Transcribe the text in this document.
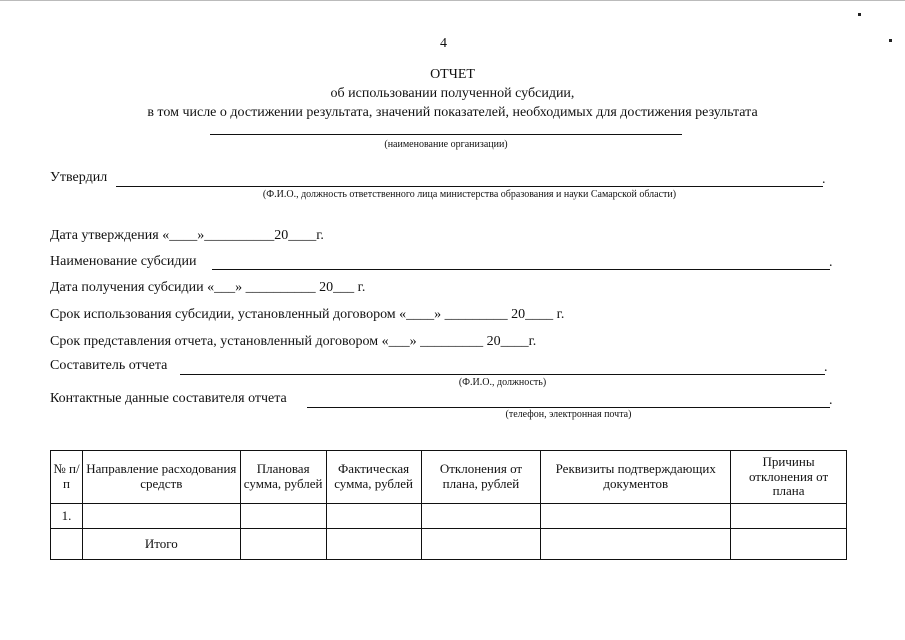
4
ОТЧЕТ
об использовании полученной субсидии,
в том числе о достижении результата, значений показателей, необходимых для достижения результата
(наименование организации)
Утвердил	.
(Ф.И.О., должность ответственного лица министерства образования и науки Самарской области)
Дата утверждения «____»__________20____г.
Наименование субсидии	.
Дата получения субсидии «___» __________ 20___ г.
Срок использования субсидии, установленный договором «____» _________ 20____ г.
Срок представления отчета, установленный договором «___» _________ 20____г.
Составитель отчета	.
(Ф.И.О., должность)
Контактные данные составителя отчета	.
(телефон, электронная почта)
№ п/п	Направление расходования средств	Плановая сумма, рублей	Фактическая сумма, рублей	Отклонения от плана, рублей	Реквизиты подтверждающих документов	Причины отклонения от плана
1.						
	Итого					
